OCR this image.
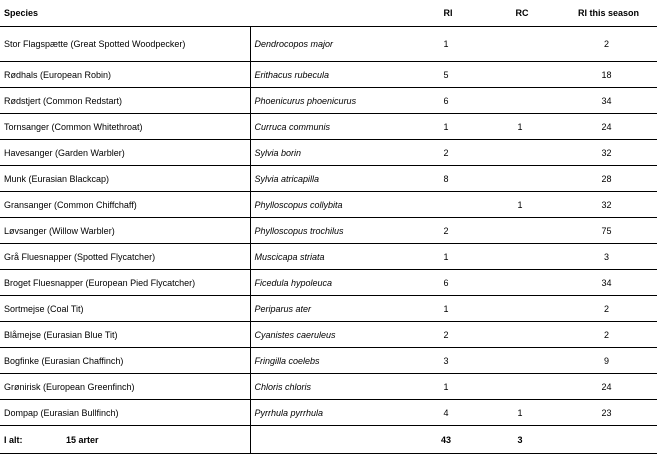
Species		RI	RC	RI this season
Stor Flagspætte (Great Spotted Woodpecker)	Dendrocopos major	1		2
Rødhals (European Robin)	Erithacus rubecula	5		18
Rødstjert (Common Redstart)	Phoenicurus phoenicurus	6		34
Tornsanger (Common Whitethroat)	Curruca communis	1	1	24
Havesanger (Garden Warbler)	Sylvia borin	2		32
Munk (Eurasian Blackcap)	Sylvia atricapilla	8		28
Gransanger (Common Chiffchaff)	Phylloscopus collybita		1	32
Løvsanger (Willow Warbler)	Phylloscopus trochilus	2		75
Grå Fluesnapper (Spotted Flycatcher)	Muscicapa striata	1		3
Broget Fluesnapper (European Pied Flycatcher)	Ficedula hypoleuca	6		34
Sortmejse (Coal Tit)	Periparus ater	1		2
Blåmejse (Eurasian Blue Tit)	Cyanistes caeruleus	2		2
Bogfinke (Eurasian Chaffinch)	Fringilla coelebs	3		9
Grønirisk (European Greenfinch)	Chloris chloris	1		24
Dompap (Eurasian Bullfinch)	Pyrrhula pyrrhula	4	1	23
I alt: 15 arter		43	3	
